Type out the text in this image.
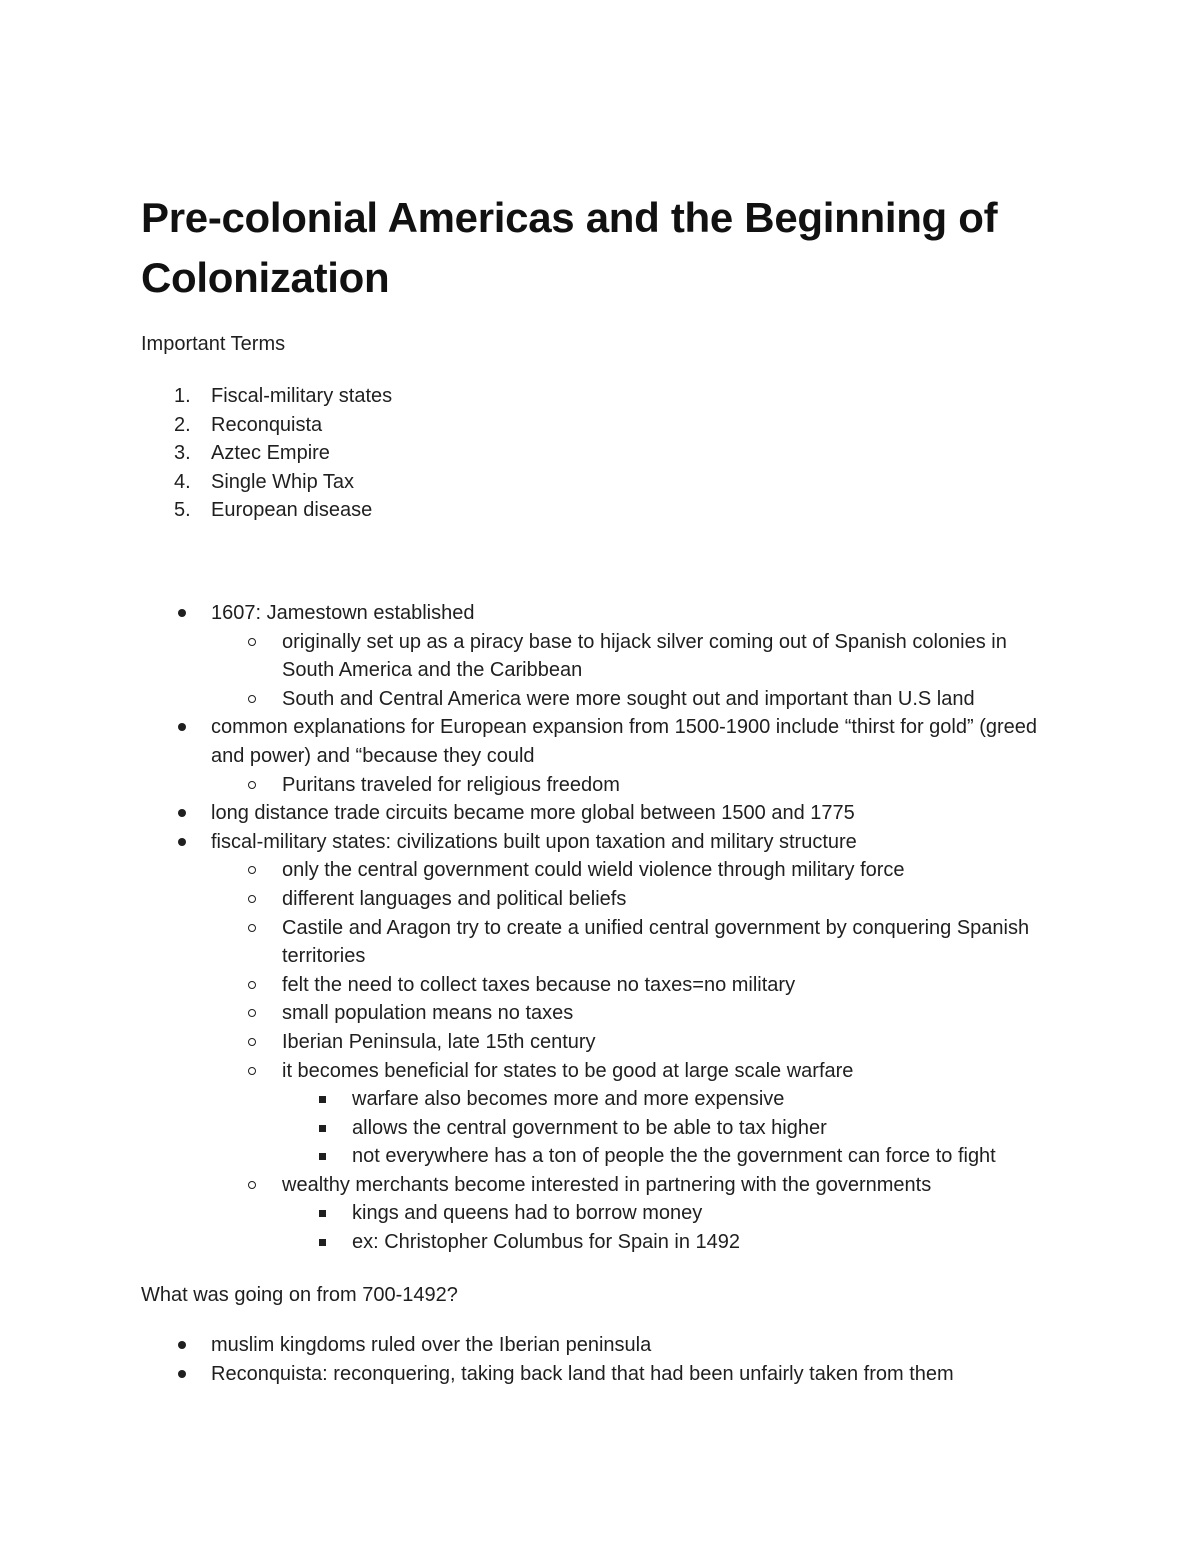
Pre-colonial Americas and the Beginning of Colonization

Important Terms

1. Fiscal-military states
2. Reconquista
3. Aztec Empire
4. Single Whip Tax
5. European disease
1607: Jamestown established
originally set up as a piracy base to hijack silver coming out of Spanish colonies in South America and the Caribbean
South and Central America were more sought out and important than U.S land
common explanations for European expansion from 1500-1900 include “thirst for gold” (greed and power) and “because they could
Puritans traveled for religious freedom
long distance trade circuits became more global between 1500 and 1775
fiscal-military states: civilizations built upon taxation and military structure
only the central government could wield violence through military force
different languages and political beliefs
Castile and Aragon try to create a unified central government by conquering Spanish territories
felt the need to collect taxes because no taxes=no military
small population means no taxes
Iberian Peninsula, late 15th century
it becomes beneficial for states to be good at large scale warfare
warfare also becomes more and more expensive
allows the central government to be able to tax higher
not everywhere has a ton of people the the government can force to fight
wealthy merchants become interested in partnering with the governments
kings and queens had to borrow money
ex: Christopher Columbus for Spain in 1492

What was going on from 700-1492?

muslim kingdoms ruled over the Iberian peninsula
Reconquista: reconquering, taking back land that had been unfairly taken from them
